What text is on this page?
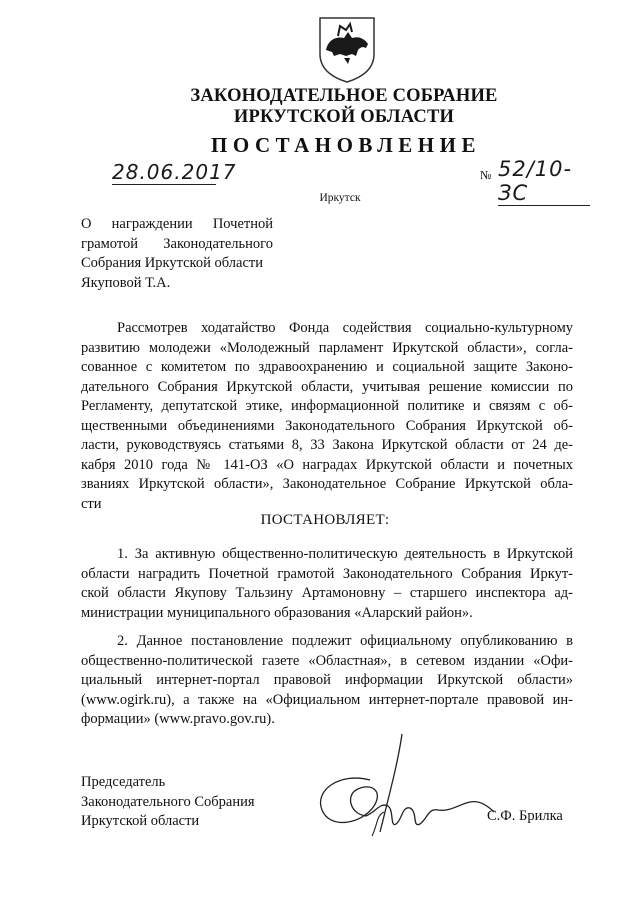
ЗАКОНОДАТЕЛЬНОЕ СОБРАНИЕ
ИРКУТСКОЙ ОБЛАСТИ
ПОСТАНОВЛЕНИЕ
28.06.2017	№ 52/10-ЗС
Иркутск
О награждении Почетной
грамотой Законодательного
Собрания Иркутской области
Якуповой Т.А.
Рассмотрев ходатайство Фонда содействия социально-культурному
развитию молодежи «Молодежный парламент Иркутской области», согла-
сованное с комитетом по здравоохранению и социальной защите Законо-
дательного Собрания Иркутской области, учитывая решение комиссии по
Регламенту, депутатской этике, информационной политике и связям с об-
щественными объединениями Законодательного Собрания Иркутской об-
ласти, руководствуясь статьями 8, 33 Закона Иркутской области от 24 де-
кабря 2010 года № 141-ОЗ «О наградах Иркутской области и почетных
званиях Иркутской области», Законодательное Собрание Иркутской обла-
сти
ПОСТАНОВЛЯЕТ:
1. За активную общественно-политическую деятельность в Иркутской
области наградить Почетной грамотой Законодательного Собрания Иркут-
ской области Якупову Тальзину Артамоновну – старшего инспектора ад-
министрации муниципального образования «Аларский район».
2. Данное постановление подлежит официальному опубликованию в
общественно-политической газете «Областная», в сетевом издании «Офи-
циальный интернет-портал правовой информации Иркутской области»
(www.ogirk.ru), а также на «Официальном интернет-портале правовой ин-
формации» (www.pravo.gov.ru).
Председатель
Законодательного Собрания
Иркутской области	С.Ф. Брилка
